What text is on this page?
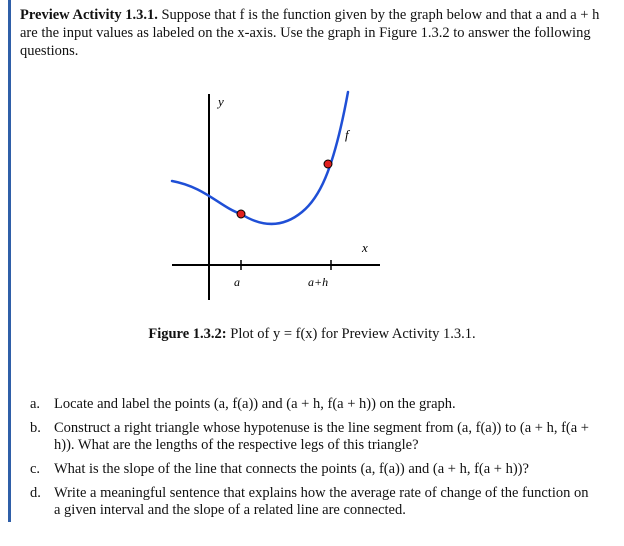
Preview Activity 1.3.1. Suppose that f is the function given by the graph below and that a and a + h are the input values as labeled on the x-axis. Use the graph in Figure 1.3.2 to answer the following questions.
y
x
f
a	a+h
Figure 1.3.2: Plot of y = f(x) for Preview Activity 1.3.1.
a. Locate and label the points (a, f(a)) and (a + h, f(a + h)) on the graph.
b. Construct a right triangle whose hypotenuse is the line segment from (a, f(a)) to (a + h, f(a + h)). What are the lengths of the respective legs of this triangle?
c. What is the slope of the line that connects the points (a, f(a)) and (a + h, f(a + h))?
d. Write a meaningful sentence that explains how the average rate of change of the function on a given interval and the slope of a related line are connected.
